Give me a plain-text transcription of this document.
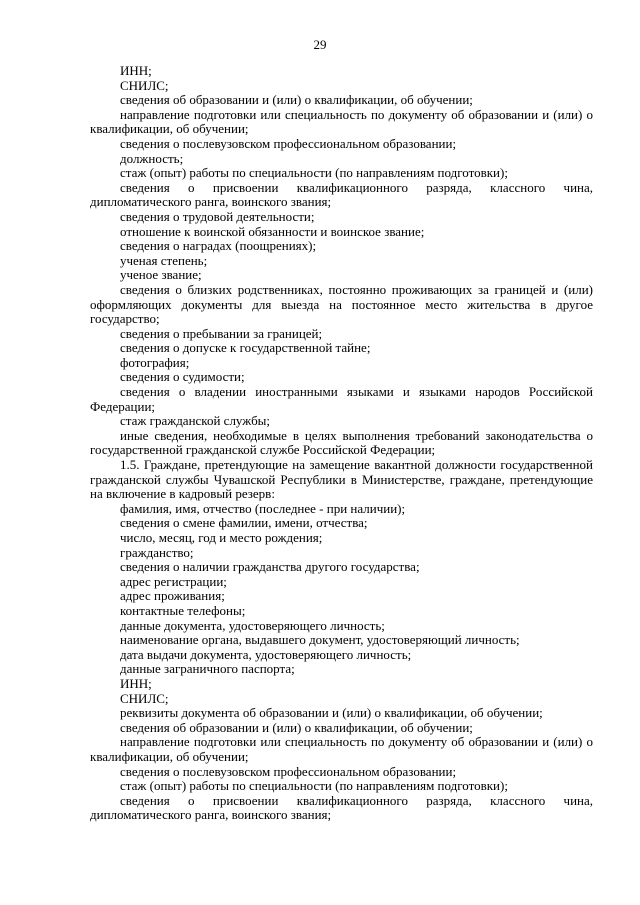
29

ИНН;

СНИЛС;

сведения об образовании и (или) о квалификации, об обучении;

направление подготовки или специальность по документу об образовании и (или) о квалификации, об обучении;

сведения о послевузовском профессиональном образовании;

должность;

стаж (опыт) работы по специальности (по направлениям подготовки);

сведения о присвоении квалификационного разряда, классного чина, дипломатического ранга, воинского звания;

сведения о трудовой деятельности;

отношение к воинской обязанности и воинское звание;

сведения о наградах (поощрениях);

ученая степень;

ученое звание;

сведения о близких родственниках, постоянно проживающих за границей и (или) оформляющих документы для выезда на постоянное место жительства в другое государство;

сведения о пребывании за границей;

сведения о допуске к государственной тайне;

фотография;

сведения о судимости;

сведения о владении иностранными языками и языками народов Российской Федерации;

стаж гражданской службы;

иные сведения, необходимые в целях выполнения требований законодательства о государственной гражданской службе Российской Федерации;

1.5. Граждане, претендующие на замещение вакантной должности государственной гражданской службы Чувашской Республики в Министерстве, граждане, претендующие на включение в кадровый резерв:

фамилия, имя, отчество (последнее - при наличии);

сведения о смене фамилии, имени, отчества;

число, месяц, год и место рождения;

гражданство;

сведения о наличии гражданства другого государства;

адрес регистрации;

адрес проживания;

контактные телефоны;

данные документа, удостоверяющего личность;

наименование органа, выдавшего документ, удостоверяющий личность;

дата выдачи документа, удостоверяющего личность;

данные заграничного паспорта;

ИНН;

СНИЛС;

реквизиты документа об образовании и (или) о квалификации, об обучении;

сведения об образовании и (или) о квалификации, об обучении;

направление подготовки или специальность по документу об образовании и (или) о квалификации, об обучении;

сведения о послевузовском профессиональном образовании;

стаж (опыт) работы по специальности (по направлениям подготовки);

сведения о присвоении квалификационного разряда, классного чина, дипломатического ранга, воинского звания;
